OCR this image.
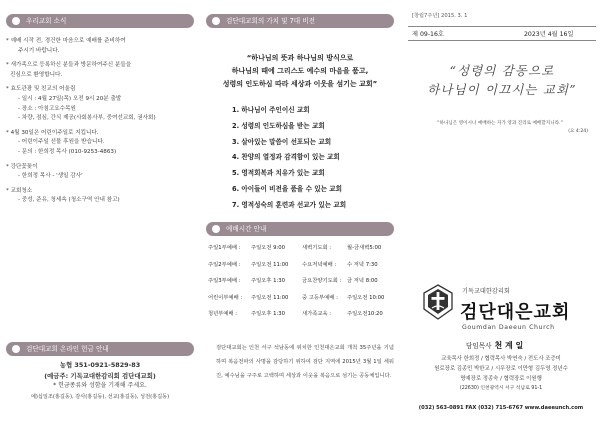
우리교회 소식
* 예배 시작 전, 경건한 마음으로 예배를 준비하여
주시기 바랍니다.
* 새가족으로 등록하신 분들과 방문하여주신 분들을
진심으로 환영합니다.
* 효도관광 및 친교의 어울림
- 일시 : 4월 27일(목) 오전 9시 20분 출발
- 장소 : 아침고요수목원
- 차량, 점심, 간식 제공(사회봉사부, 중여선교회, 권사회)
* 4월 30일은 어린이주일로 지킵니다.
- 어린이주일 선물 후원을 받습니다.
- 문의 : 한희정 목사 (010-9253-4863)
* 강단꽃꽂이
- 한희정 목사 - '생일 감사'
* 교회청소
- 중성, 준유, 청세속 (청소구역 안내 참고)
검단대교회 온라인 헌금 안내
농협 351-0921-5829-83
(예금주: 기독교대한감리회 검단대교회)
* 헌금종류와 성함을 기재해 주세요.
예)십일조(홍길동), 감사(홍길동), 선교(홍길동), 성전(홍길동)
검단대교회의 가치 및 7대 비전
예배시간 안내
“하나님의 뜻과 하나님의 방식으로
하나님의 때에 그리스도 예수의 마음을 품고,
성령의 인도하심 따라 세상과 이웃을 섬기는 교회”
1. 하나님이 주인이신 교회
2. 성령의 인도하심을 받는 교회
3. 살아있는 말씀이 선포되는 교회
4. 찬양의 열정과 감격함이 있는 교회
5. 영적회복과 치유가 있는 교회
6. 아이들이 비전을 품을 수 있는 교회
7. 영적성숙의 훈련과 선교가 있는 교회
주일1부예배 : 주일오전 9:00	새벽기도회 :	월-금새벽5:00
주일2부예배 : 주일오전 11:00	수요저녁예배 : 수 저녁 7:30
주일3부예배 : 주일오후 1:30	금요찬양기도회 : 금 저녁 8:00
어린이부예배 : 주일오전 11:00	중 고등부예배 : 주일오전 10:00
청년부예배 :	주일오후 1:30	새가족교육 :	주일오전10:20
검단대교회는 인천 서구 석남동에 위치한 인천대은교회 개척 35주년을 기념하며 복음전파의 사명을 감당하기 위하여 검단 지역에 2015년 3월 1일 세워진, 예수님을 구주로 고백하며 세상과 이웃을 복음으로 섬기는 공동체입니다.
[창립7주년] 2015. 3. 1
제 09-16호	2023년 4월 16일
“성령의 감동으로
하나님이 이끄시는 교회”
“하나님은 영이시니 예배하는 자가 영과 진리로 예배할지니라.”
(요 4:24)
기독교대한감리회
검단대은교회
Goumdan Daeeun Church
담임목사 천 계 일
교육목사 한희정 / 협력목사 박연숙 / 전도사 조증미
원로장로 김종민 박한교 / 시무장로 이만형 김두영 정년수
명예장로 정종숙 / 협력장로 이원행
(22630) 인천광역시 서구 석남로 91-1
(032) 563-0891 FAX (032) 715-6767 www.daeeunch.com
